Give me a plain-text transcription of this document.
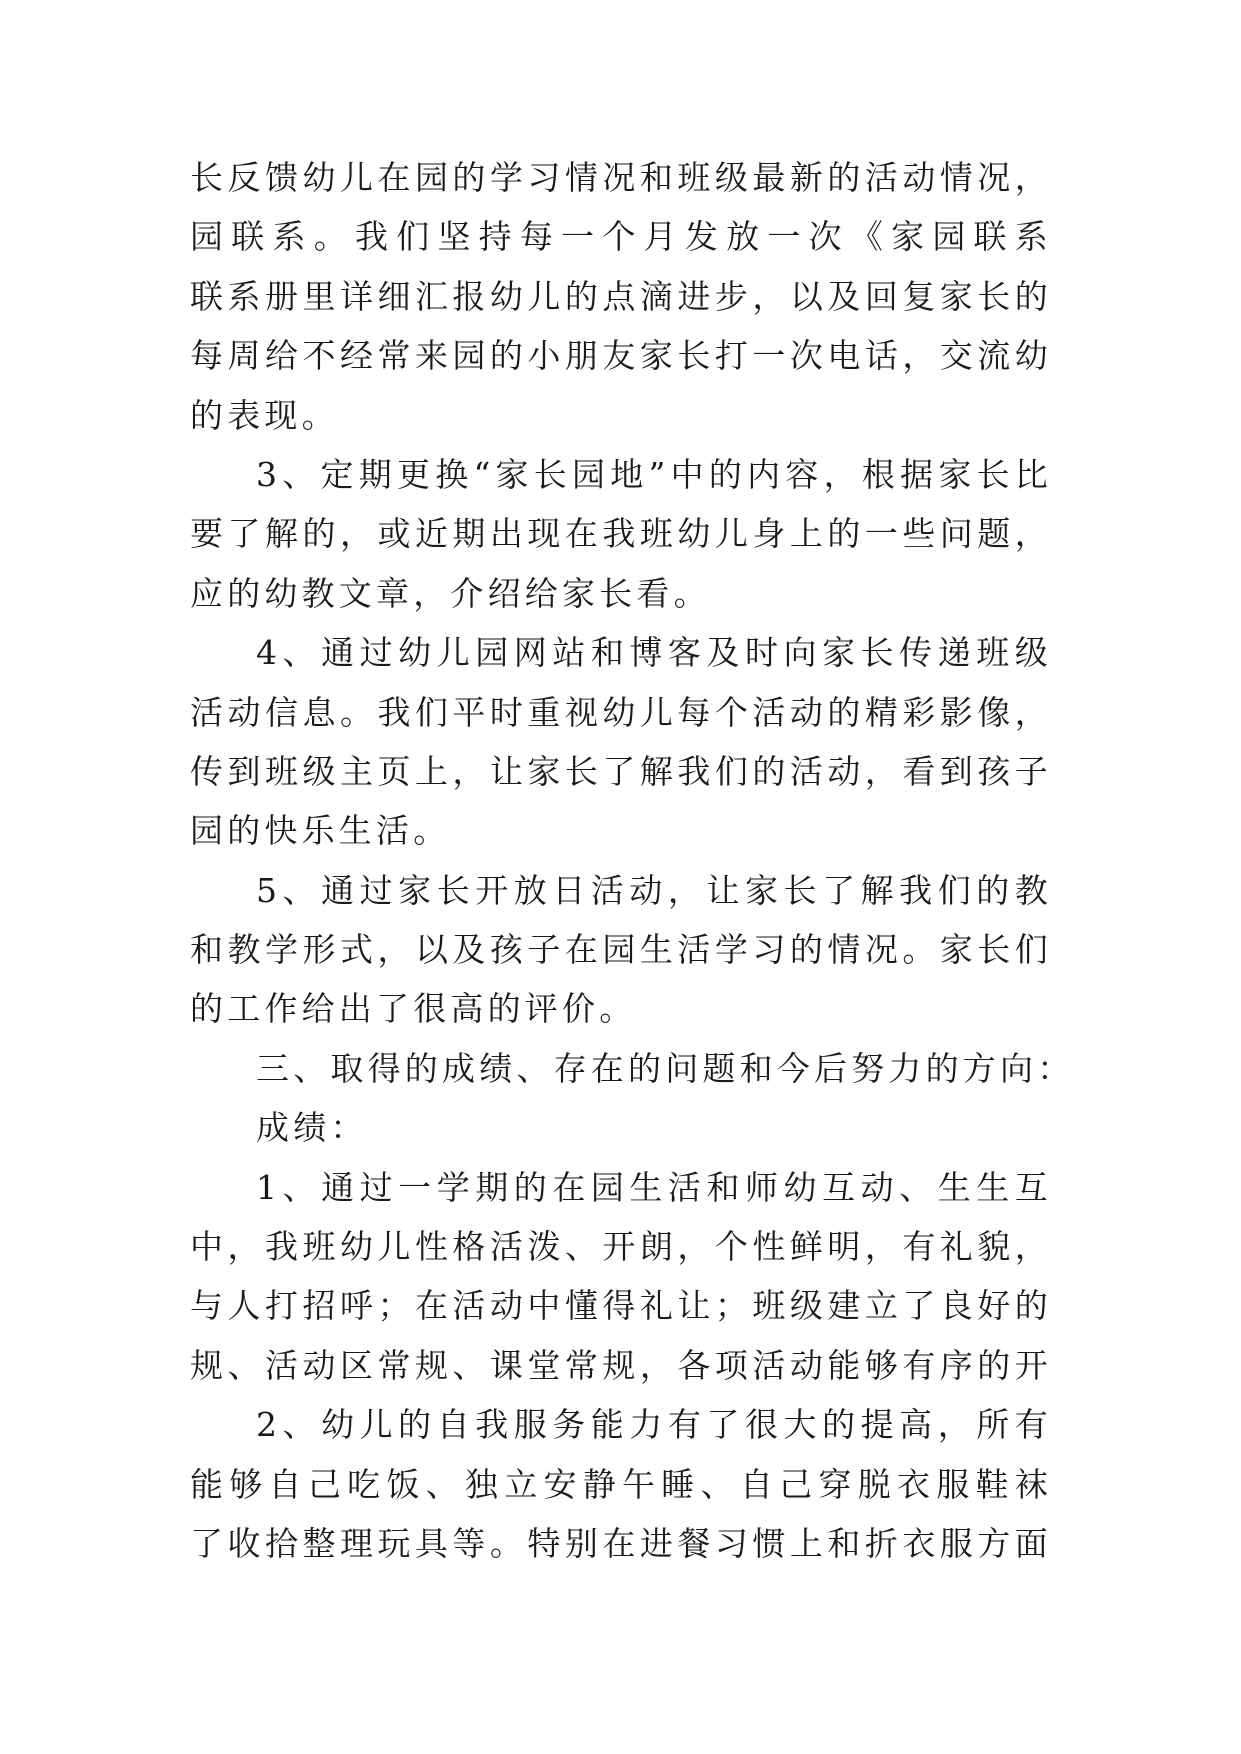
长反馈幼儿在园的学习情况和班级最新的活动情况，
园联系。我们坚持每一个月发放一次《家园联系
联系册里详细汇报幼儿的点滴进步，以及回复家长的
每周给不经常来园的小朋友家长打一次电话，交流幼
的表现。
3、定期更换“家长园地”中的内容，根据家长比
要了解的，或近期出现在我班幼儿身上的一些问题，
应的幼教文章，介绍给家长看。
4、通过幼儿园网站和博客及时向家长传递班级
活动信息。我们平时重视幼儿每个活动的精彩影像，
传到班级主页上，让家长了解我们的活动，看到孩子
园的快乐生活。
5、通过家长开放日活动，让家长了解我们的教
和教学形式，以及孩子在园生活学习的情况。家长们
的工作给出了很高的评价。
三、取得的成绩、存在的问题和今后努力的方向：
成绩：
1、通过一学期的在园生活和师幼互动、生生互
中，我班幼儿性格活泼、开朗，个性鲜明，有礼貌，
与人打招呼；在活动中懂得礼让；班级建立了良好的
规、活动区常规、课堂常规，各项活动能够有序的开
2、幼儿的自我服务能力有了很大的提高，所有
能够自己吃饭、独立安静午睡、自己穿脱衣服鞋袜
了收拾整理玩具等。特别在进餐习惯上和折衣服方面
